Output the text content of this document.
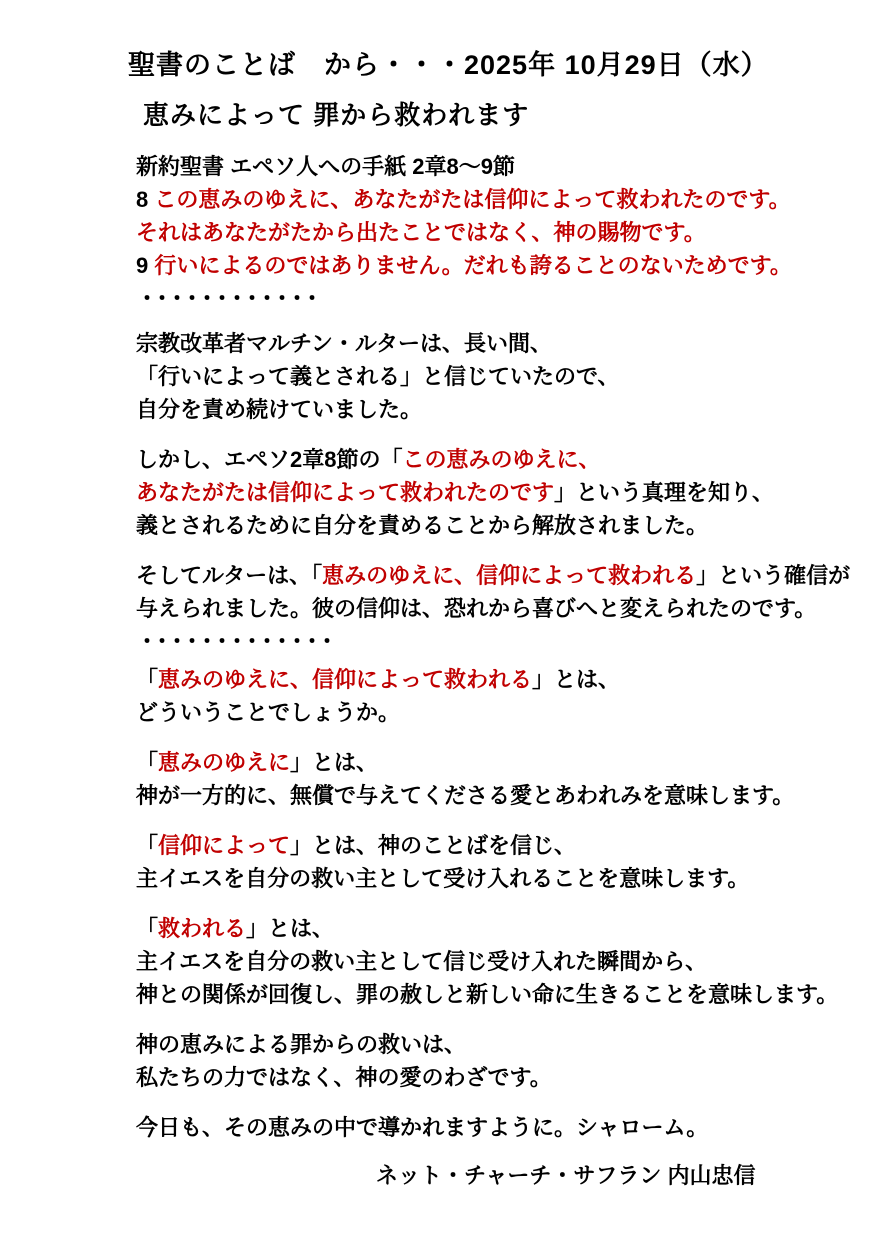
聖書のことば　から・・・2025年 10月29日（水）
恵みによって 罪から救われます
新約聖書 エペソ人への手紙 2章8～9節
8 この恵みのゆえに、あなたがたは信仰によって救われたのです。
それはあなたがたから出たことではなく、神の賜物です。
9 行いによるのではありません。だれも誇ることのないためです。
・・・・・・・・・・・・
宗教改革者マルチン・ルターは、長い間、
「行いによって義とされる」と信じていたので、
自分を責め続けていました。
しかし、エペソ2章8節の「この恵みのゆえに、
あなたがたは信仰によって救われたのです」という真理を知り、
義とされるために自分を責めることから解放されました。
そしてルターは、「恵みのゆえに、信仰によって救われる」という確信が
与えられました。彼の信仰は、恐れから喜びへと変えられたのです。
・・・・・・・・・・・・・
「恵みのゆえに、信仰によって救われる」とは、
どういうことでしょうか。
「恵みのゆえに」とは、
神が一方的に、無償で与えてくださる愛とあわれみを意味します。
「信仰によって」とは、神のことばを信じ、
主イエスを自分の救い主として受け入れることを意味します。
「救われる」とは、
主イエスを自分の救い主として信じ受け入れた瞬間から、
神との関係が回復し、罪の赦しと新しい命に生きることを意味します。
神の恵みによる罪からの救いは、
私たちの力ではなく、神の愛のわざです。
今日も、その恵みの中で導かれますように。シャローム。
ネット・チャーチ・サフラン 内山忠信
